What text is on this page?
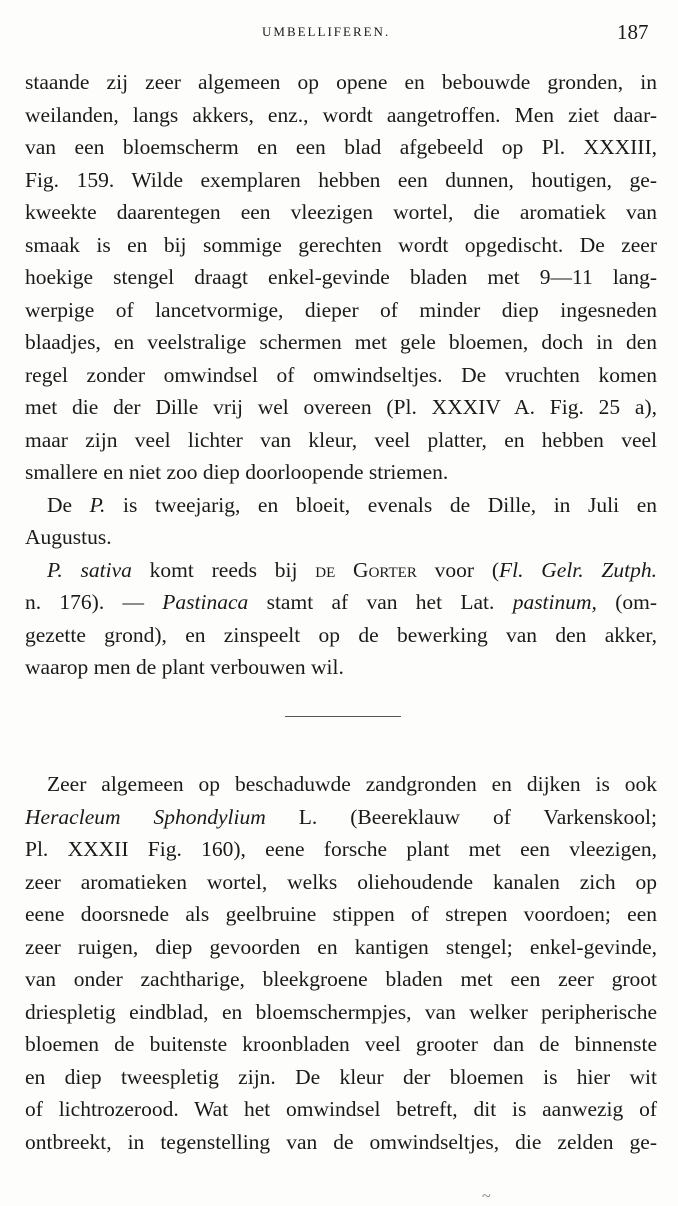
UMBELLIFEREN.	187
staande zij zeer algemeen op opene en bebouwde gronden, in
weilanden, langs akkers, enz., wordt aangetroffen. Men ziet daar-
van een bloemscherm en een blad afgebeeld op Pl. XXXIII,
Fig. 159. Wilde exemplaren hebben een dunnen, houtigen, ge-
kweekte daarentegen een vleezigen wortel, die aromatiek van
smaak is en bij sommige gerechten wordt opgedischt. De zeer
hoekige stengel draagt enkel-gevinde bladen met 9—11 lang-
werpige of lancetvormige, dieper of minder diep ingesneden
blaadjes, en veelstralige schermen met gele bloemen, doch in den
regel zonder omwindsel of omwindseltjes. De vruchten komen
met die der Dille vrij wel overeen (Pl. XXXIV A. Fig. 25 a),
maar zijn veel lichter van kleur, veel platter, en hebben veel
smallere en niet zoo diep doorloopende striemen.
De P. is tweejarig, en bloeit, evenals de Dille, in Juli en
Augustus.
P. sativa komt reeds bij de Gorter voor (Fl. Gelr. Zutph.
n. 176). — Pastinaca stamt af van het Lat. pastinum, (om-
gezette grond), en zinspeelt op de bewerking van den akker,
waarop men de plant verbouwen wil.
Zeer algemeen op beschaduwde zandgronden en dijken is ook
Heracleum Sphondylium L. (Beereklauw of Varkenskool;
Pl. XXXII Fig. 160), eene forsche plant met een vleezigen,
zeer aromatieken wortel, welks oliehoudende kanalen zich op
eene doorsnede als geelbruine stippen of strepen voordoen; een
zeer ruigen, diep gevoorden en kantigen stengel; enkel-gevinde,
van onder zachtharige, bleekgroene bladen met een zeer groot
driespletig eindblad, en bloemschermpjes, van welker peripherische
bloemen de buitenste kroonbladen veel grooter dan de binnenste
en diep tweespletig zijn. De kleur der bloemen is hier wit
of lichtrozerood. Wat het omwindsel betreft, dit is aanwezig of
ontbreekt, in tegenstelling van de omwindseltjes, die zelden ge-
~
